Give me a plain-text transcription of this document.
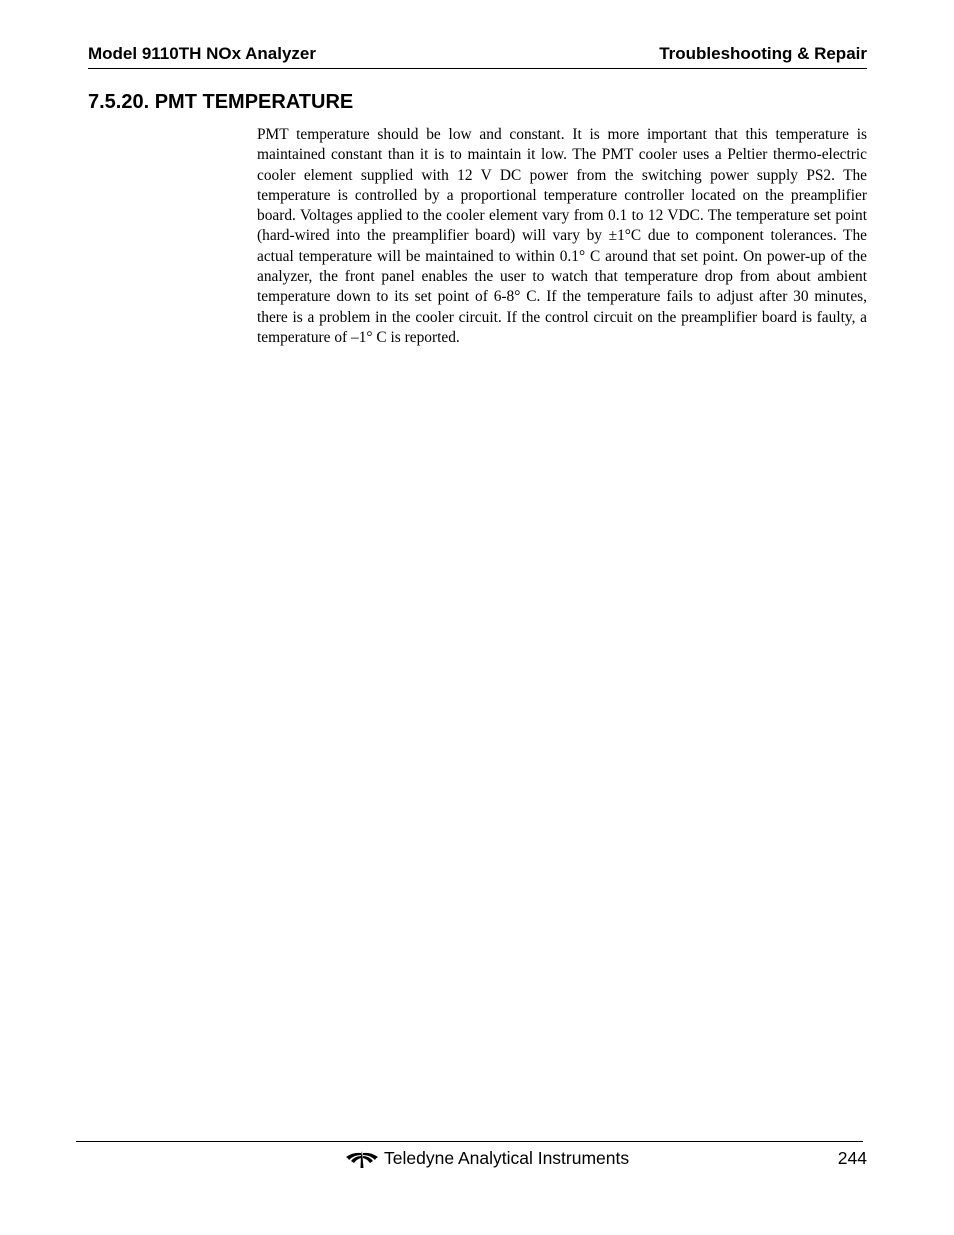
Model 9110TH NOx Analyzer	Troubleshooting & Repair
7.5.20. PMT TEMPERATURE

PMT temperature should be low and constant. It is more important that this temperature is maintained constant than it is to maintain it low. The PMT cooler uses a Peltier thermo-electric cooler element supplied with 12 V DC power from the switching power supply PS2. The temperature is controlled by a proportional temperature controller located on the preamplifier board. Voltages applied to the cooler element vary from 0.1 to 12 VDC. The temperature set point (hard-wired into the preamplifier board) will vary by ±1°C due to component tolerances. The actual temperature will be maintained to within 0.1° C around that set point. On power-up of the analyzer, the front panel enables the user to watch that temperature drop from about ambient temperature down to its set point of 6-8° C. If the temperature fails to adjust after 30 minutes, there is a problem in the cooler circuit. If the control circuit on the preamplifier board is faulty, a temperature of –1° C is reported.

Teledyne Analytical Instruments	244
